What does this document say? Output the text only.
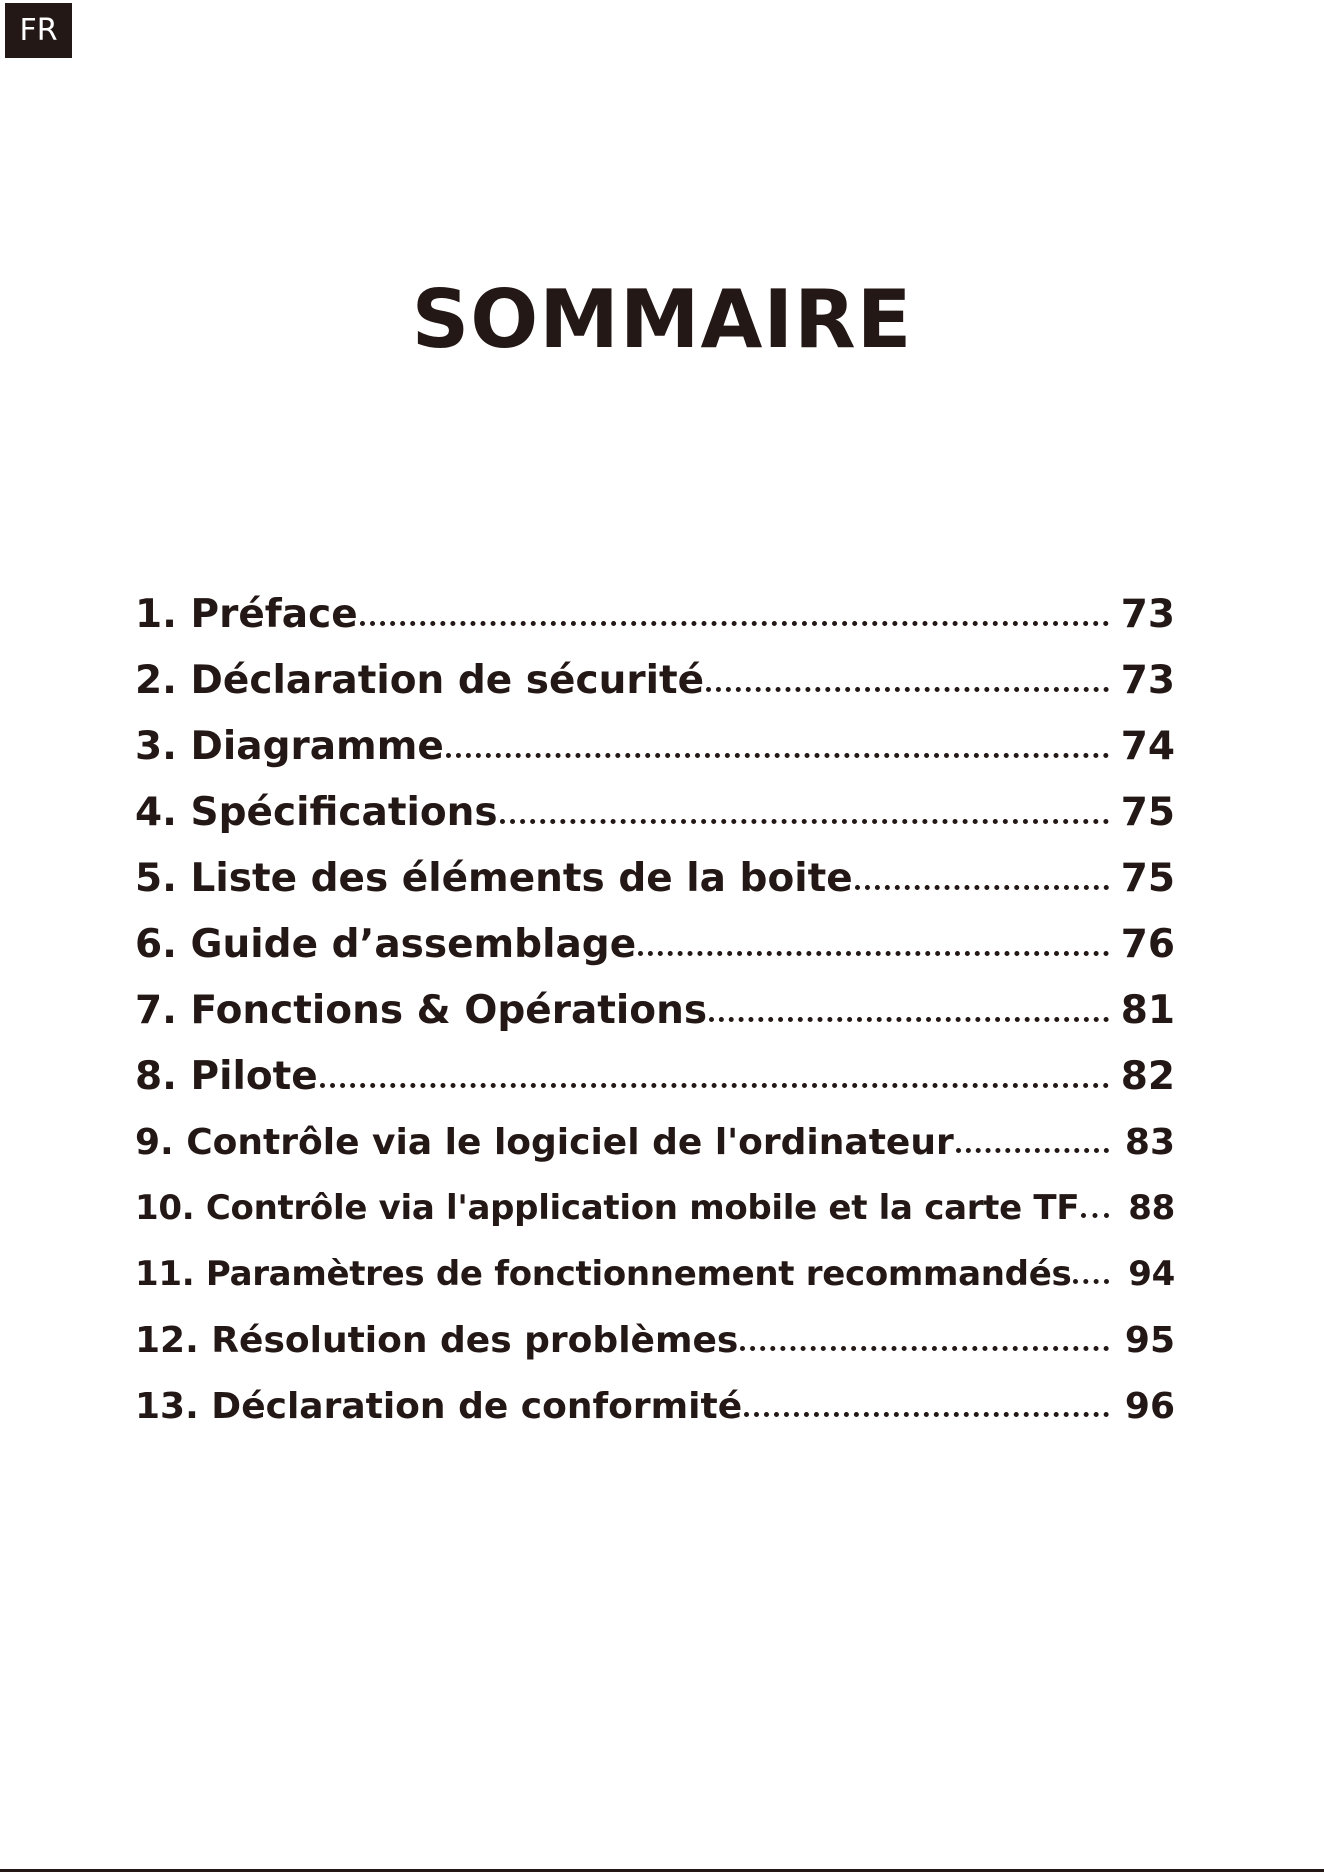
FR
SOMMAIRE
1. Préface	73
2. Déclaration de sécurité	73
3. Diagramme	74
4. Spécifications	75
5. Liste des éléments de la boite	75
6. Guide d’assemblage	76
7. Fonctions & Opérations	81
8. Pilote	82
9. Contrôle via le logiciel de l'ordinateur	83
10. Contrôle via l'application mobile et la carte TF 88
11. Paramètres de fonctionnement recommandés 94
12. Résolution des problèmes	95
13. Déclaration de conformité	96
